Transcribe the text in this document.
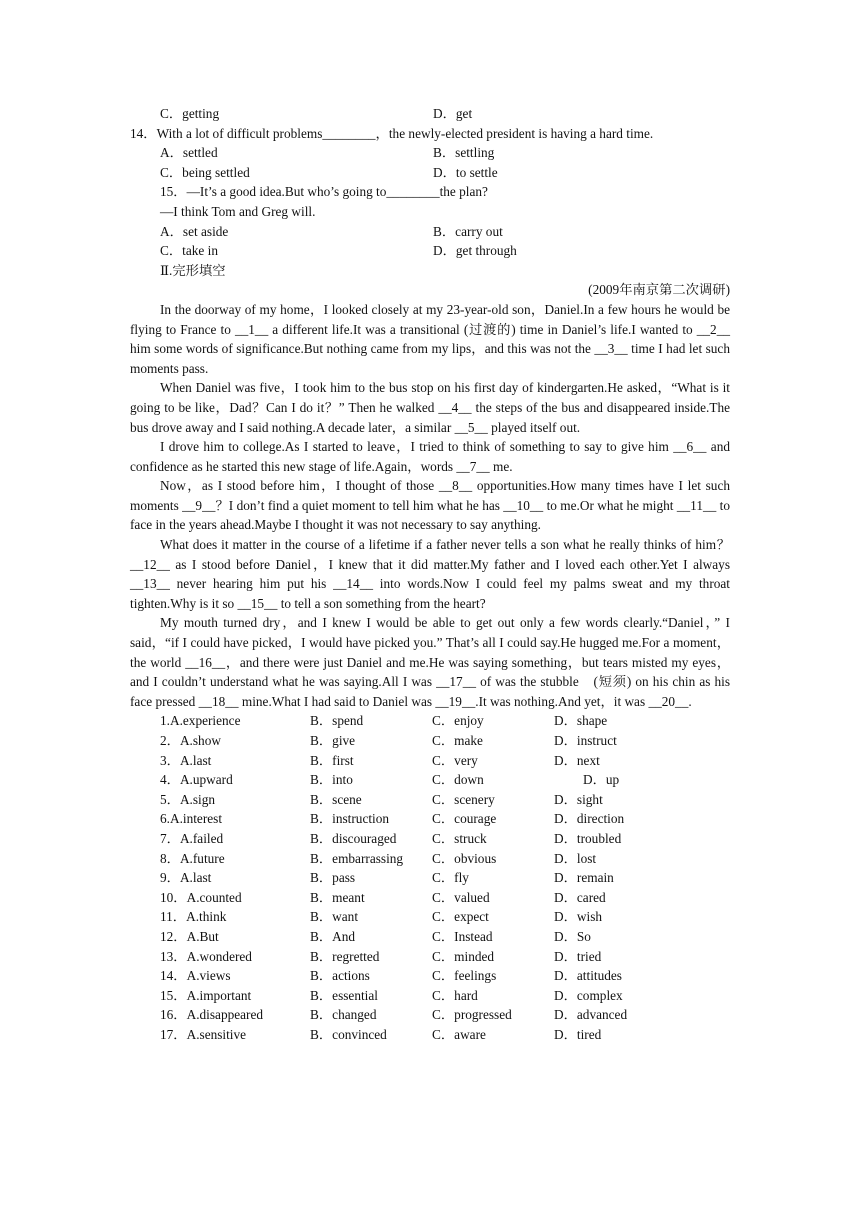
C．getting	D．get
14．With a lot of difficult problems________，the newly-elected president is having a hard time.
A．settled	B．settling
C．being settled	D．to settle
15．—It’s a good idea.But who’s going to________the plan?
—I think Tom and Greg will.
A．set aside	B．carry out
C．take in	D．get through
Ⅱ.完形填空
(2009年南京第二次调研)

In the doorway of my home，I looked closely at my 23-year-old son，Daniel.In a few hours he would be flying to France to __1__ a different life.It was a transitional (过渡的) time in Daniel’s life.I wanted to __2__ him some words of significance.But nothing came from my lips，and this was not the __3__ time I had let such moments pass.

When Daniel was five，I took him to the bus stop on his first day of kindergarten.He asked，“What is it going to be like，Dad？Can I do it？” Then he walked __4__ the steps of the bus and disappeared inside.The bus drove away and I said nothing.A decade later，a similar __5__ played itself out.

I drove him to college.As I started to leave，I tried to think of something to say to give him __6__ and confidence as he started this new stage of life.Again，words __7__ me.

Now，as I stood before him，I thought of those __8__ opportunities.How many times have I let such moments __9__？I don’t find a quiet moment to tell him what he has __10__ to me.Or what he might __11__ to face in the years ahead.Maybe I thought it was not necessary to say anything.

What does it matter in the course of a lifetime if a father never tells a son what he really thinks of him？__12__ as I stood before Daniel，I knew that it did matter.My father and I loved each other.Yet I always __13__ never hearing him put his __14__ into words.Now I could feel my palms sweat and my throat tighten.Why is it so __15__ to tell a son something from the heart?

My mouth turned dry，and I knew I would be able to get out only a few words clearly.“Daniel，” I said，“if I could have picked，I would have picked you.” That’s all I could say.He hugged me.For a moment，the world __16__，and there were just Daniel and me.He was saying something，but tears misted my eyes，and I couldn’t understand what he was saying.All I was __17__ of was the stubble　(短须) on his chin as his face pressed __18__ mine.What I had said to Daniel was __19__.It was nothing.And yet，it was __20__.

1.A.experience	B．spend	C．enjoy	D．shape
2．A.show	B．give	C．make	D．instruct
3．A.last	B．first	C．very	D．next
4．A.upward	B．into	C．down	D．up
5．A.sign	B．scene	C．scenery	D．sight
6.A.interest	B．instruction	C．courage	D．direction
7．A.failed	B．discouraged	C．struck	D．troubled
8．A.future	B．embarrassing C．obvious	D．lost
9．A.last	B．pass	C．fly	D．remain
10．A.counted	B．meant	C．valued	D．cared
11．A.think	B．want	C．expect	D．wish
12．A.But	B．And	C．Instead	D．So
13．A.wondered	B．regretted	C．minded	D．tried
14．A.views	B．actions	C．feelings	D．attitudes
15．A.important	B．essential	C．hard	D．complex
16．A.disappeared	B．changed	C．progressed	D．advanced
17．A.sensitive	B．convinced	C．aware	D．tired
